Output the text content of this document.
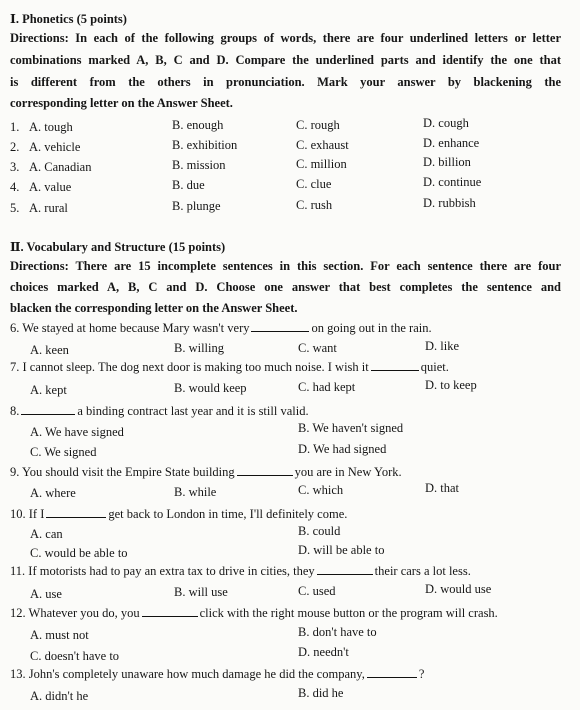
Ⅰ. Phonetics (5 points)
Directions: In each of the following groups of words, there are four underlined letters or letter
combinations marked A, B, C and D. Compare the underlined parts and identify the one that
is different from the others in pronunciation. Mark your answer by blackening the
corresponding letter on the Answer Sheet.
1. A. tough	B. enough	C. rough	D. cough
2. A. vehicle	B. exhibition	C. exhaust	D. enhance
3. A. Canadian	B. mission	C. million	D. billion
4. A. value	B. due	C. clue	D. continue
5. A. rural	B. plunge	C. rush	D. rubbish
Ⅱ. Vocabulary and Structure (15 points)
Directions: There are 15 incomplete sentences in this section. For each sentence there are four
choices marked A, B, C and D. Choose one answer that best completes the sentence and
blacken the corresponding letter on the Answer Sheet.
6. We stayed at home because Mary wasn't very	on going out in the rain.
A. keen	B. willing	C. want	D. like
7. I cannot sleep. The dog next door is making too much noise. I wish it	quiet.
A. kept	B. would keep	C. had kept	D. to keep
8.	a binding contract last year and it is still valid.
A. We have signed	B. We haven't signed
C. We signed	D. We had signed
9. You should visit the Empire State building	you are in New York.
A. where	B. while	C. which	D. that
10. If I	get back to London in time, I'll definitely come.
A. can	B. could
C. would be able to	D. will be able to
11. If motorists had to pay an extra tax to drive in cities, they	their cars a lot less.
A. use	B. will use	C. used	D. would use
12. Whatever you do, you	click with the right mouse button or the program will crash.
A. must not	B. don't have to
C. doesn't have to	D. needn't
13. John's completely unaware how much damage he did the company,	?
A. didn't he	B. did he
